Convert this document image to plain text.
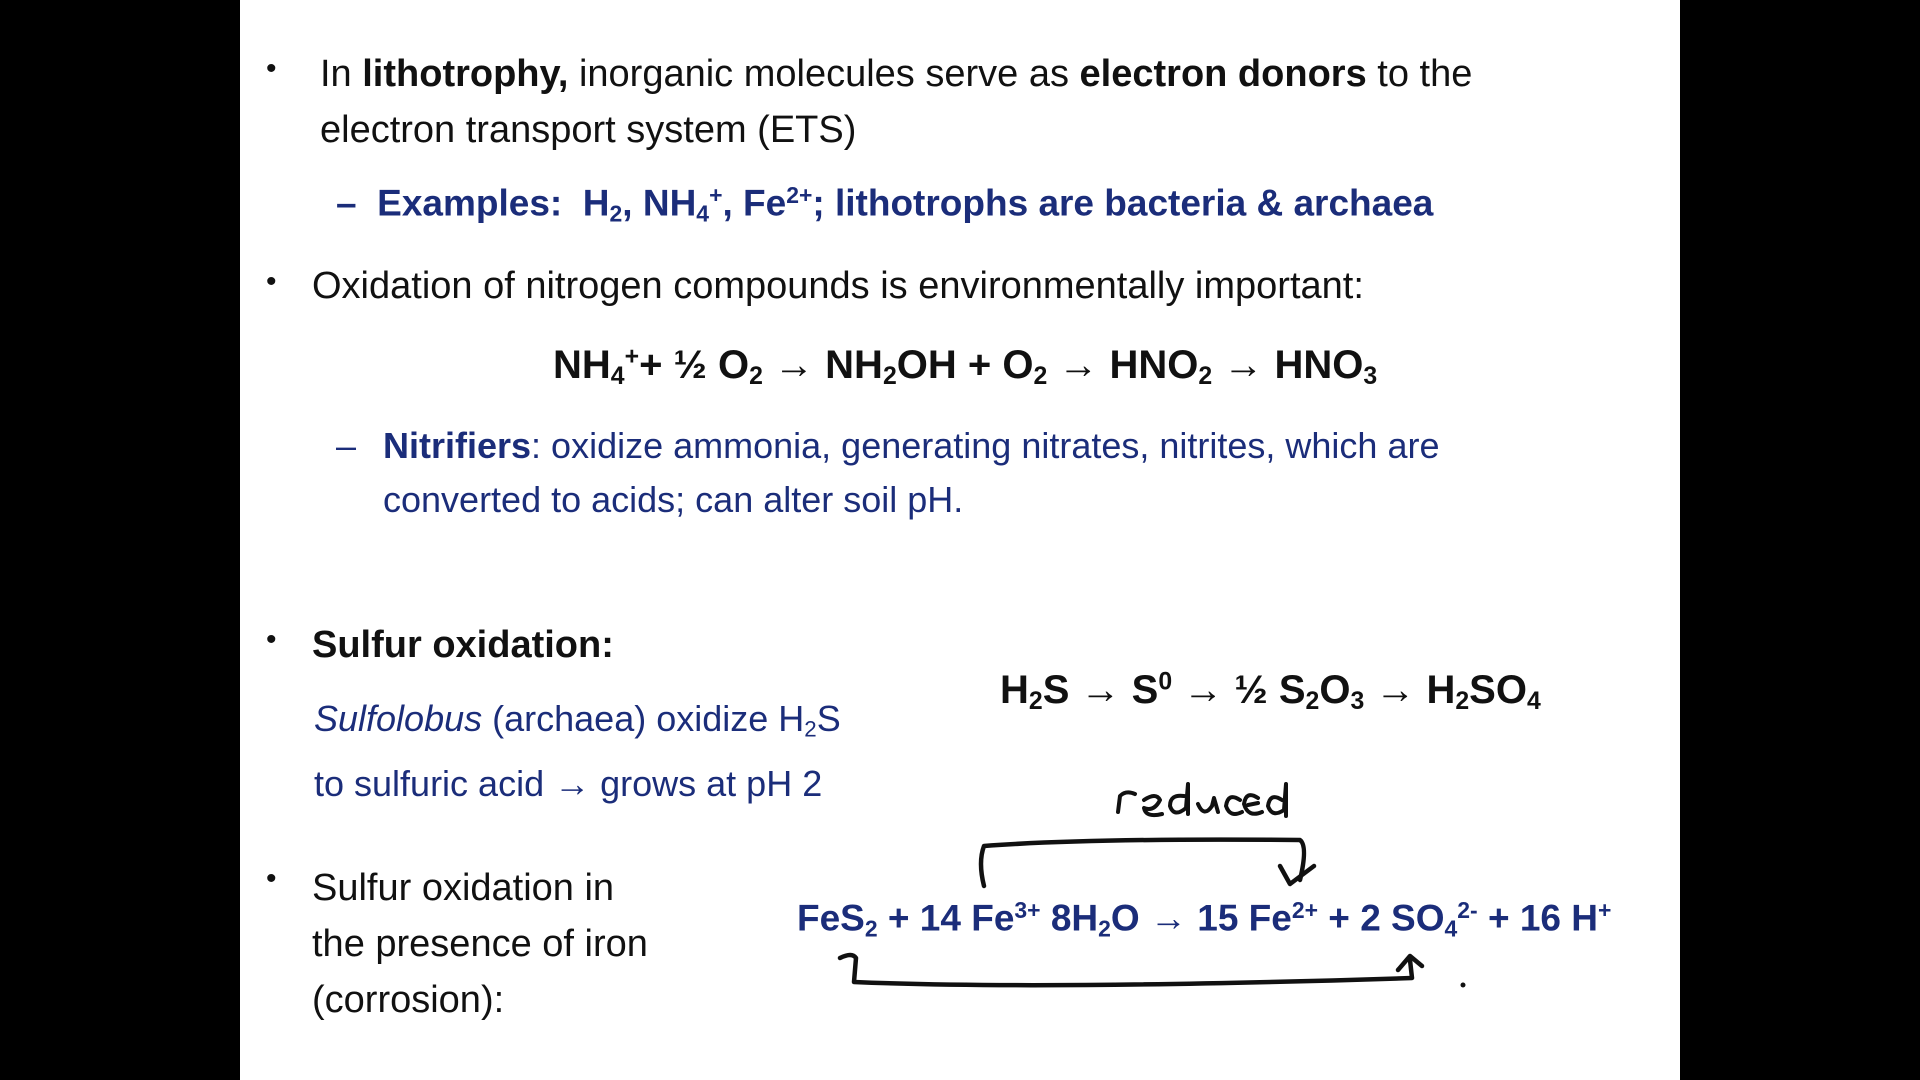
• In lithotrophy, inorganic molecules serve as electron donors to the
electron transport system (ETS)
– Examples: $H_2$, $NH_4^+$, $Fe^{2+}$; lithotrophs are bacteria & archaea
• Oxidation of nitrogen compounds is environmentally important:
$NH_4^++$ ½ $O_2 \to NH_2OH + O_2 \to HNO_2 \to HNO_3$
– Nitrifiers: oxidize ammonia, generating nitrates, nitrites, which are
converted to acids; can alter soil pH.
• Sulfur oxidation:
Sulfolobus (archaea) oxidize $H_2S$
to sulfuric acid → grows at pH 2
$H_2S \to S^0$ → ½ $S_2O_3 \to H_2SO_4$
• Sulfur oxidation in
the presence of iron
(corrosion):
FeS$_2$ + 14 $Fe^{3+}$ $8H_2O \to 15$ $Fe^{2+} + 2$ $SO_4^{2-} + 16$ H+
